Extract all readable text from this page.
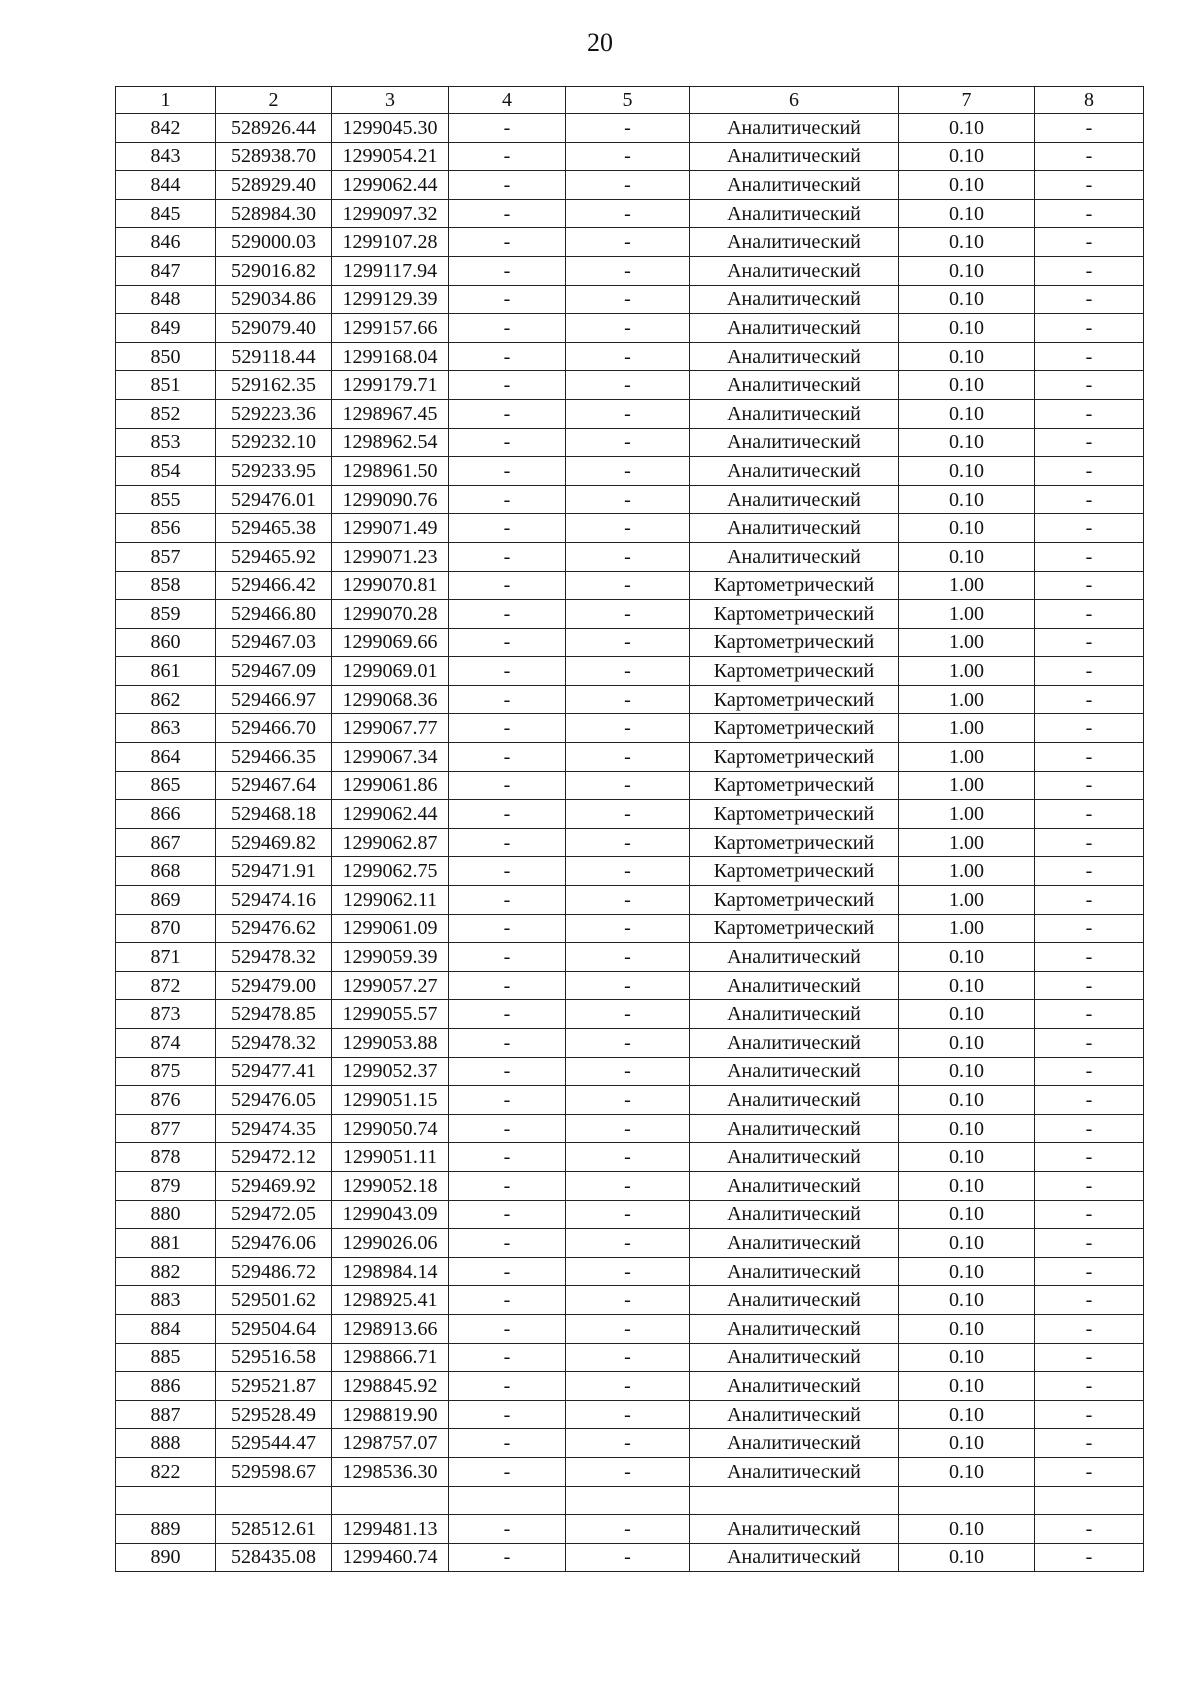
20
1	2	3	4	5	6	7	8
842	528926.44	1299045.30	-	-	Аналитический	0.10	-
843	528938.70	1299054.21	-	-	Аналитический	0.10	-
844	528929.40	1299062.44	-	-	Аналитический	0.10	-
845	528984.30	1299097.32	-	-	Аналитический	0.10	-
846	529000.03	1299107.28	-	-	Аналитический	0.10	-
847	529016.82	1299117.94	-	-	Аналитический	0.10	-
848	529034.86	1299129.39	-	-	Аналитический	0.10	-
849	529079.40	1299157.66	-	-	Аналитический	0.10	-
850	529118.44	1299168.04	-	-	Аналитический	0.10	-
851	529162.35	1299179.71	-	-	Аналитический	0.10	-
852	529223.36	1298967.45	-	-	Аналитический	0.10	-
853	529232.10	1298962.54	-	-	Аналитический	0.10	-
854	529233.95	1298961.50	-	-	Аналитический	0.10	-
855	529476.01	1299090.76	-	-	Аналитический	0.10	-
856	529465.38	1299071.49	-	-	Аналитический	0.10	-
857	529465.92	1299071.23	-	-	Аналитический	0.10	-
858	529466.42	1299070.81	-	-	Картометрический	1.00	-
859	529466.80	1299070.28	-	-	Картометрический	1.00	-
860	529467.03	1299069.66	-	-	Картометрический	1.00	-
861	529467.09	1299069.01	-	-	Картометрический	1.00	-
862	529466.97	1299068.36	-	-	Картометрический	1.00	-
863	529466.70	1299067.77	-	-	Картометрический	1.00	-
864	529466.35	1299067.34	-	-	Картометрический	1.00	-
865	529467.64	1299061.86	-	-	Картометрический	1.00	-
866	529468.18	1299062.44	-	-	Картометрический	1.00	-
867	529469.82	1299062.87	-	-	Картометрический	1.00	-
868	529471.91	1299062.75	-	-	Картометрический	1.00	-
869	529474.16	1299062.11	-	-	Картометрический	1.00	-
870	529476.62	1299061.09	-	-	Картометрический	1.00	-
871	529478.32	1299059.39	-	-	Аналитический	0.10	-
872	529479.00	1299057.27	-	-	Аналитический	0.10	-
873	529478.85	1299055.57	-	-	Аналитический	0.10	-
874	529478.32	1299053.88	-	-	Аналитический	0.10	-
875	529477.41	1299052.37	-	-	Аналитический	0.10	-
876	529476.05	1299051.15	-	-	Аналитический	0.10	-
877	529474.35	1299050.74	-	-	Аналитический	0.10	-
878	529472.12	1299051.11	-	-	Аналитический	0.10	-
879	529469.92	1299052.18	-	-	Аналитический	0.10	-
880	529472.05	1299043.09	-	-	Аналитический	0.10	-
881	529476.06	1299026.06	-	-	Аналитический	0.10	-
882	529486.72	1298984.14	-	-	Аналитический	0.10	-
883	529501.62	1298925.41	-	-	Аналитический	0.10	-
884	529504.64	1298913.66	-	-	Аналитический	0.10	-
885	529516.58	1298866.71	-	-	Аналитический	0.10	-
886	529521.87	1298845.92	-	-	Аналитический	0.10	-
887	529528.49	1298819.90	-	-	Аналитический	0.10	-
888	529544.47	1298757.07	-	-	Аналитический	0.10	-
822	529598.67	1298536.30	-	-	Аналитический	0.10	-

889	528512.61	1299481.13	-	-	Аналитический	0.10	-
890	528435.08	1299460.74	-	-	Аналитический	0.10	-
